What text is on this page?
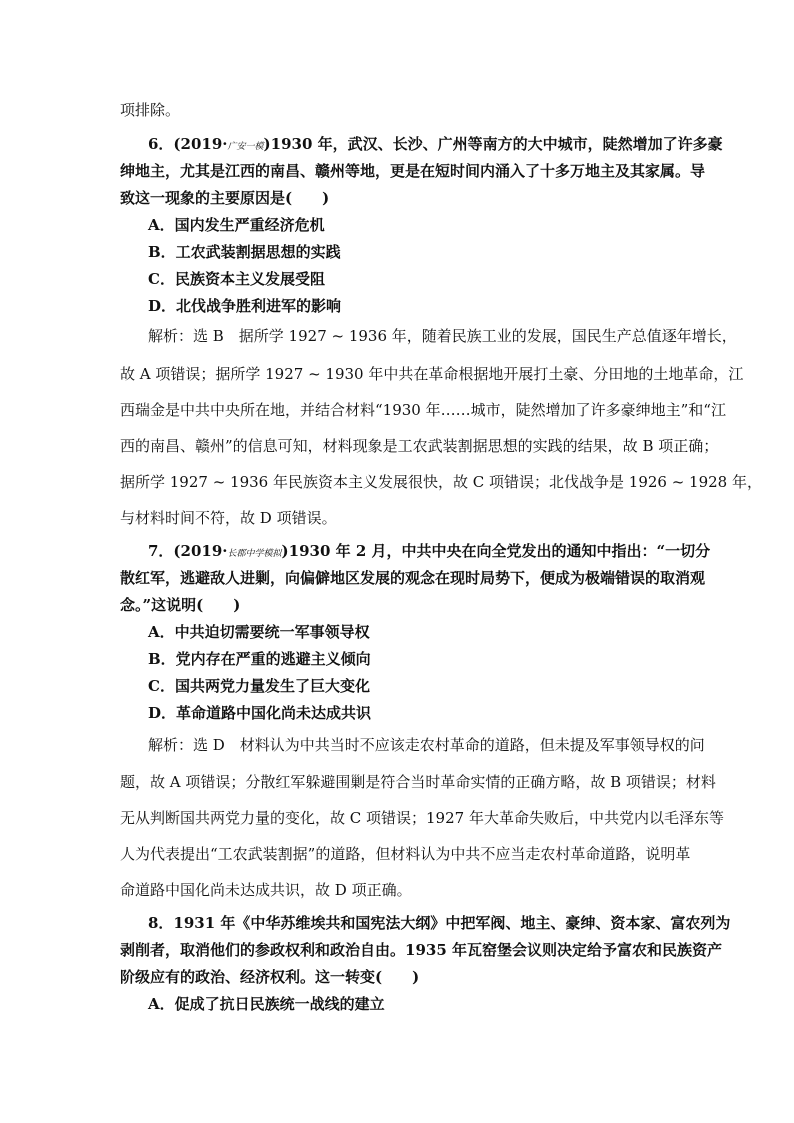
项排除。
6．(2019·广安一模)1930 年，武汉、长沙、广州等南方的大中城市，陡然增加了许多豪
绅地主，尤其是江西的南昌、赣州等地，更是在短时间内涌入了十多万地主及其家属。导
致这一现象的主要原因是(　　)
A．国内发生严重经济危机
B．工农武装割据思想的实践
C．民族资本主义发展受阻
D．北伐战争胜利进军的影响
解析：选 B　据所学 1927 ~ 1936 年，随着民族工业的发展，国民生产总值逐年增长，
故 A 项错误；据所学 1927 ~ 1930 年中共在革命根据地开展打土豪、分田地的土地革命，江
西瑞金是中共中央所在地，并结合材料“1930 年……城市，陡然增加了许多豪绅地主”和“江
西的南昌、赣州”的信息可知，材料现象是工农武装割据思想的实践的结果，故 B 项正确；
据所学 1927 ~ 1936 年民族资本主义发展很快，故 C 项错误；北伐战争是 1926 ~ 1928 年，
与材料时间不符，故 D 项错误。
7．(2019·长郡中学模拟)1930 年 2 月，中共中央在向全党发出的通知中指出：“一切分
散红军，逃避敌人进剿，向偏僻地区发展的观念在现时局势下，便成为极端错误的取消观
念。”这说明(　　)
A．中共迫切需要统一军事领导权
B．党内存在严重的逃避主义倾向
C．国共两党力量发生了巨大变化
D．革命道路中国化尚未达成共识
解析：选 D　材料认为中共当时不应该走农村革命的道路，但未提及军事领导权的问
题，故 A 项错误；分散红军躲避围剿是符合当时革命实情的正确方略，故 B 项错误；材料
无从判断国共两党力量的变化，故 C 项错误；1927 年大革命失败后，中共党内以毛泽东等
人为代表提出“工农武装割据”的道路，但材料认为中共不应当走农村革命道路，说明革
命道路中国化尚未达成共识，故 D 项正确。
8．1931 年《中华苏维埃共和国宪法大纲》中把军阀、地主、豪绅、资本家、富农列为
剥削者，取消他们的参政权利和政治自由。1935 年瓦窑堡会议则决定给予富农和民族资产
阶级应有的政治、经济权利。这一转变(　　)
A．促成了抗日民族统一战线的建立
